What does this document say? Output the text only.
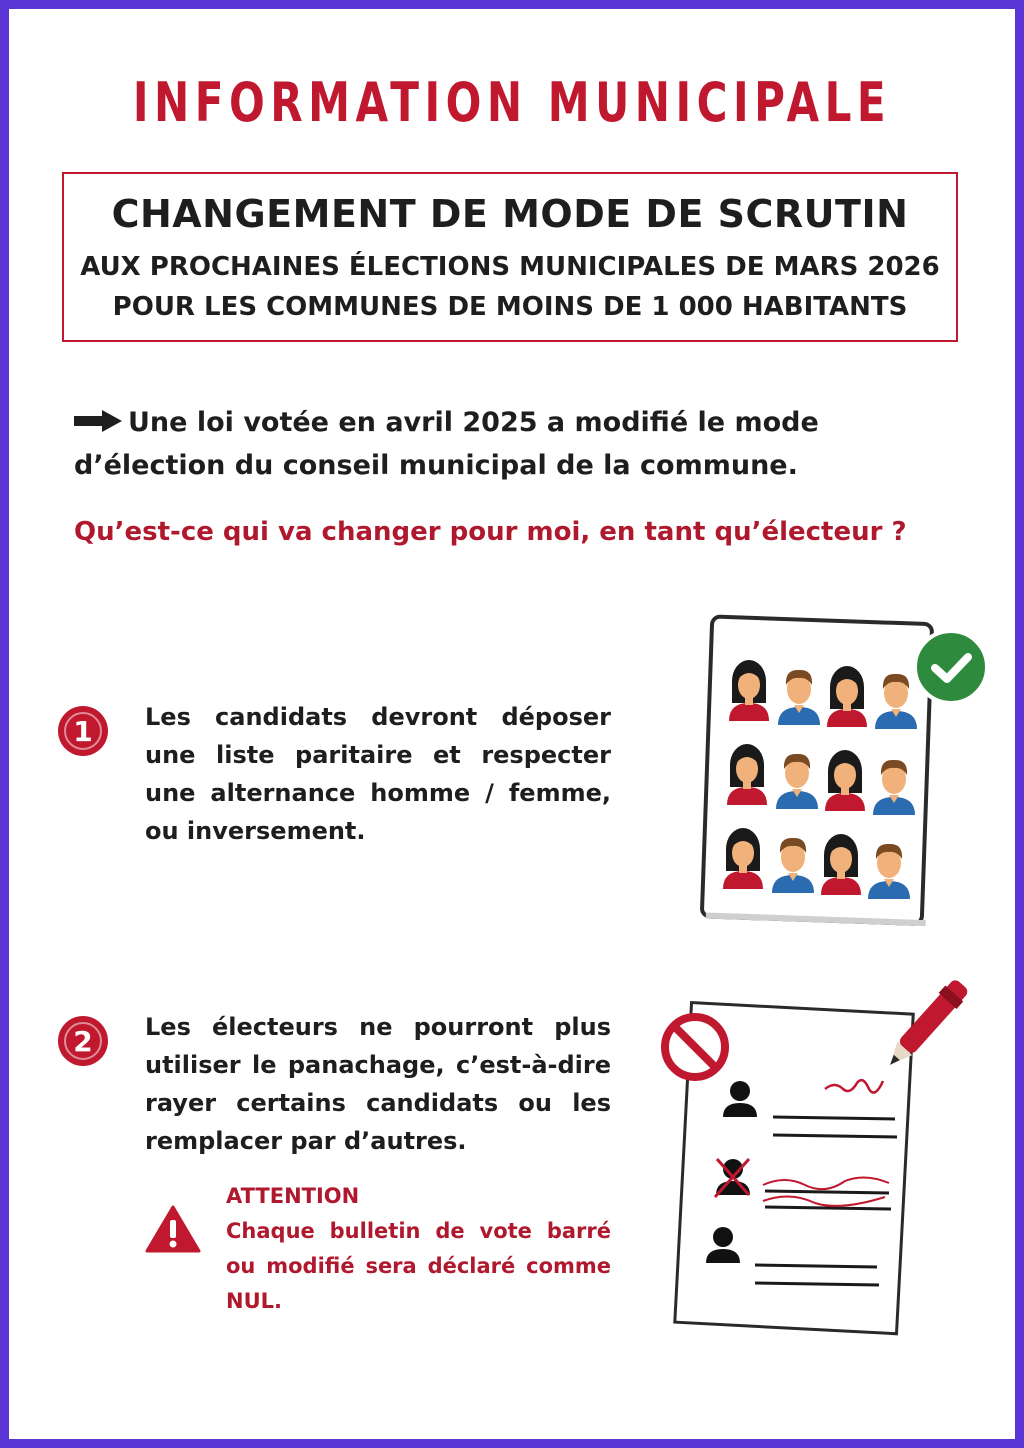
INFORMATION MUNICIPALE
CHANGEMENT DE MODE DE SCRUTIN
AUX PROCHAINES ÉLECTIONS MUNICIPALES DE MARS 2026
POUR LES COMMUNES DE MOINS DE 1 000 HABITANTS
Une loi votée en avril 2025 a modifié le mode d’élection du conseil municipal de la commune.
Qu’est-ce qui va changer pour moi, en tant qu’électeur ?
1 Les candidats devront déposer une liste paritaire et respecter une alternance homme / femme, ou inversement.
2 Les électeurs ne pourront plus utiliser le panachage, c’est-à-dire rayer certains candidats ou les remplacer par d’autres.
ATTENTION
Chaque bulletin de vote barré ou modifié sera déclaré comme NUL.
